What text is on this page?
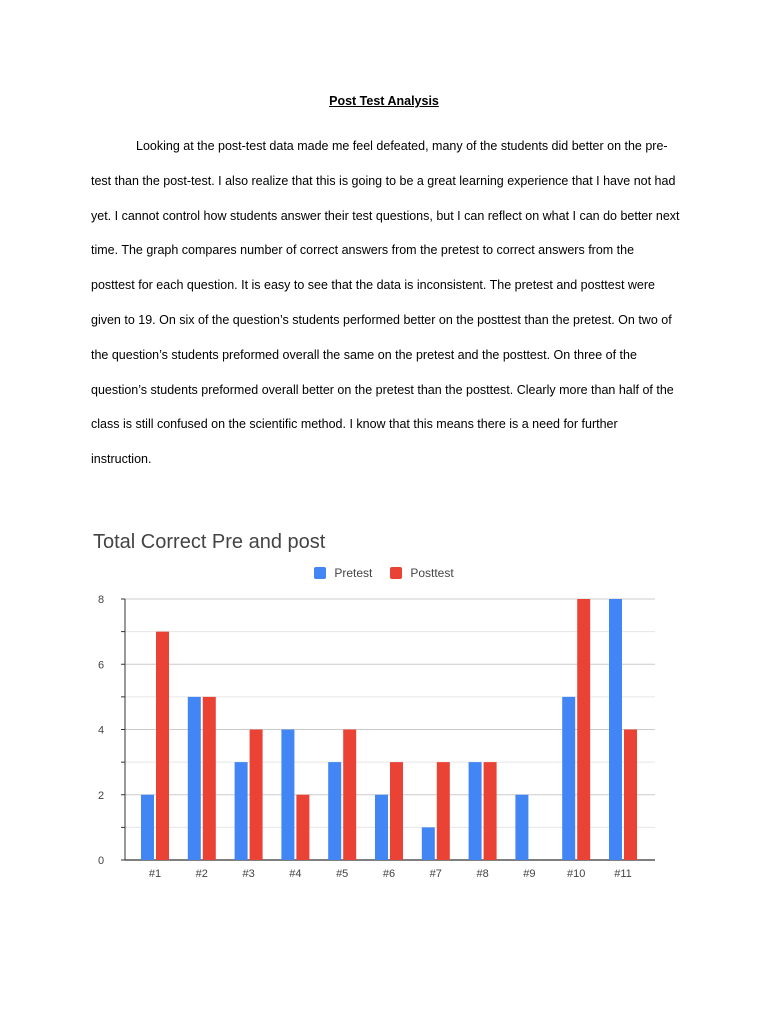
Post Test Analysis

Looking at the post-test data made me feel defeated, many of the students did better on the pre-test than the post-test. I also realize that this is going to be a great learning experience that I have not had yet. I cannot control how students answer their test questions, but I can reflect on what I can do better next time. The graph compares number of correct answers from the pretest to correct answers from the posttest for each question. It is easy to see that the data is inconsistent. The pretest and posttest were given to 19. On six of the question’s students performed better on the posttest than the pretest. On two of the question’s students preformed overall the same on the pretest and the posttest. On three of the question’s students preformed overall better on the pretest than the posttest. Clearly more than half of the class is still confused on the scientific method. I know that this means there is a need for further instruction.

Total Correct Pre and post
Pretest	Posttest
0
2
4
6
8
#1	#2	#3	#4	#5	#6	#7	#8	#9	#10	#11
